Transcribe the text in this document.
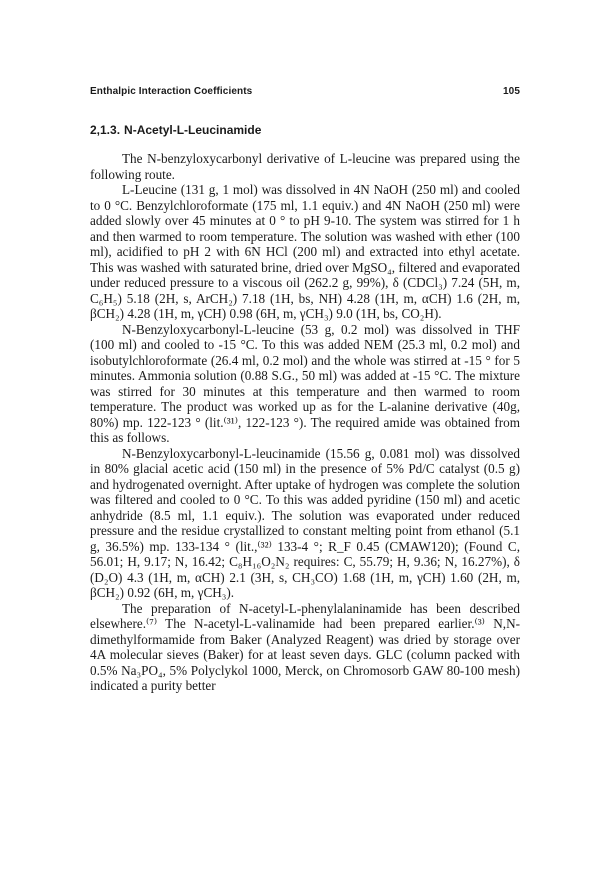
Enthalpic Interaction Coefficients	105
2,1.3. N-Acetyl-L-Leucinamide

The N-benzyloxycarbonyl derivative of L-leucine was prepared using the following route.

L-Leucine (131 g, 1 mol) was dissolved in 4N NaOH (250 ml) and cooled to 0 °C. Benzylchloroformate (175 ml, 1.1 equiv.) and 4N NaOH (250 ml) were added slowly over 45 minutes at 0 ° to pH 9-10. The system was stirred for 1 h and then warmed to room temperature. The solution was washed with ether (100 ml), acidified to pH 2 with 6N HCl (200 ml) and extracted into ethyl acetate. This was washed with saturated brine, dried over MgSO₄, filtered and evaporated under reduced pressure to a viscous oil (262.2 g, 99%), δ (CDCl₃) 7.24 (5H, m, C₆H₅) 5.18 (2H, s, ArCH₂) 7.18 (1H, bs, NH) 4.28 (1H, m, αCH) 1.6 (2H, m, βCH₂) 4.28 (1H, m, γCH) 0.98 (6H, m, γCH₃) 9.0 (1H, bs, CO₂H).

N-Benzyloxycarbonyl-L-leucine (53 g, 0.2 mol) was dissolved in THF (100 ml) and cooled to -15 °C. To this was added NEM (25.3 ml, 0.2 mol) and isobutylchloroformate (26.4 ml, 0.2 mol) and the whole was stirred at -15 ° for 5 minutes. Ammonia solution (0.88 S.G., 50 ml) was added at -15 °C. The mixture was stirred for 30 minutes at this temperature and then warmed to room temperature. The product was worked up as for the L-alanine derivative (40g, 80%) mp. 122-123 ° (lit.⁽³¹⁾, 122-123 °). The required amide was obtained from this as follows.

N-Benzyloxycarbonyl-L-leucinamide (15.56 g, 0.081 mol) was dissolved in 80% glacial acetic acid (150 ml) in the presence of 5% Pd/C catalyst (0.5 g) and hydrogenated overnight. After uptake of hydrogen was complete the solution was filtered and cooled to 0 °C. To this was added pyridine (150 ml) and acetic anhydride (8.5 ml, 1.1 equiv.). The solution was evaporated under reduced pressure and the residue crystallized to constant melting point from ethanol (5.1 g, 36.5%) mp. 133-134 ° (lit.,⁽³²⁾ 133-4 °; R_F 0.45 (CMAW120); (Found C, 56.01; H, 9.17; N, 16.42; C₈H₁₆O₂N₂ requires: C, 55.79; H, 9.36; N, 16.27%), δ (D₂O) 4.3 (1H, m, αCH) 2.1 (3H, s, CH₃CO) 1.68 (1H, m, γCH) 1.60 (2H, m, βCH₂) 0.92 (6H, m, γCH₃).

The preparation of N-acetyl-L-phenylalaninamide has been described elsewhere.⁽⁷⁾ The N-acetyl-L-valinamide had been prepared earlier.⁽³⁾ N,N-dimethylformamide from Baker (Analyzed Reagent) was dried by storage over 4A molecular sieves (Baker) for at least seven days. GLC (column packed with 0.5% Na₃PO₄, 5% Polyclykol 1000, Merck, on Chromosorb GAW 80-100 mesh) indicated a purity better
